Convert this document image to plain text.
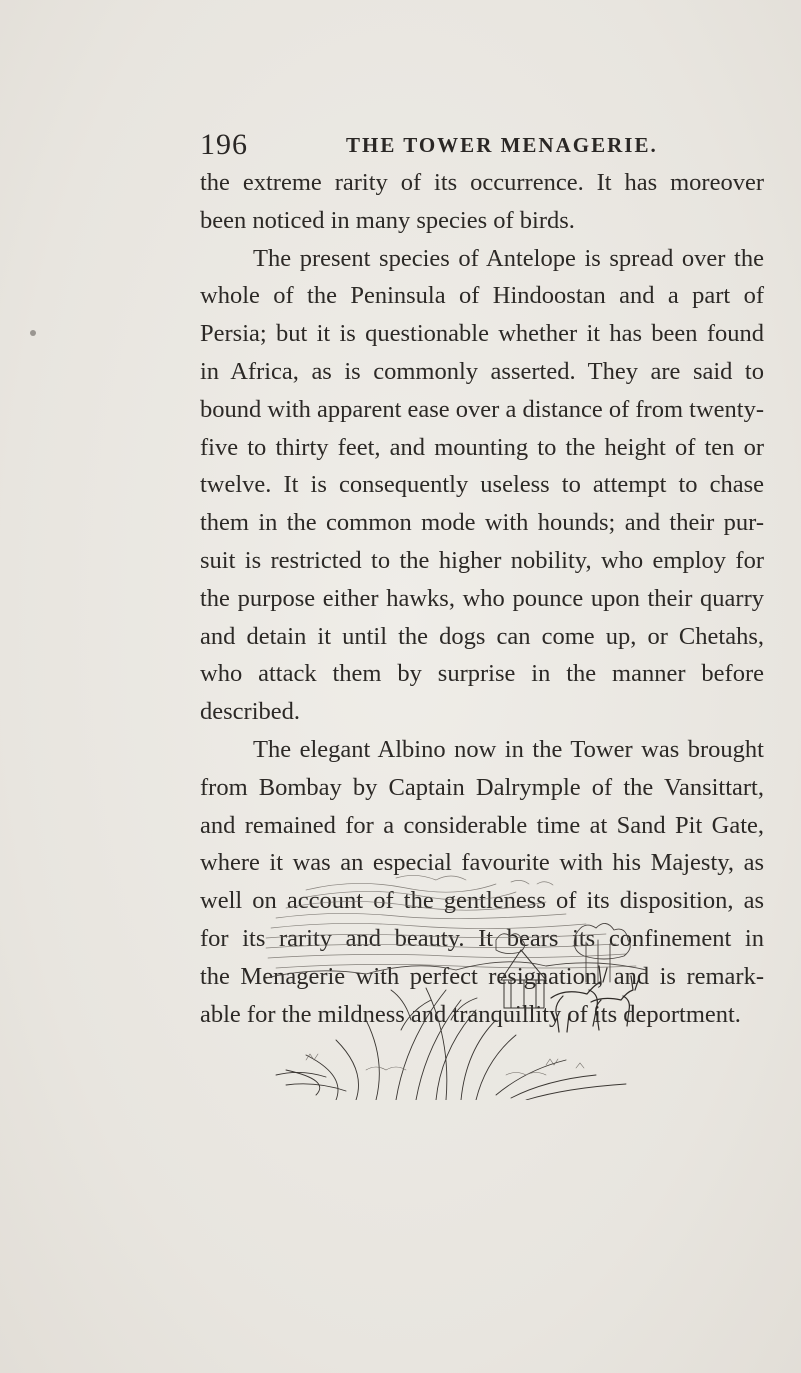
196	THE TOWER MENAGERIE.
the extreme rarity of its occurrence. It has moreover
been noticed in many species of birds.
The present species of Antelope is spread over the
whole of the Peninsula of Hindoostan and a part of
Persia; but it is questionable whether it has been found
in Africa, as is commonly asserted. They are said to
bound with apparent ease over a distance of from twenty-
five to thirty feet, and mounting to the height of ten or
twelve. It is consequently useless to attempt to chase
them in the common mode with hounds; and their pur-
suit is restricted to the higher nobility, who employ for
the purpose either hawks, who pounce upon their quarry
and detain it until the dogs can come up, or Chetahs,
who attack them by surprise in the manner before
described.
The elegant Albino now in the Tower was brought
from Bombay by Captain Dalrymple of the Vansittart,
and remained for a considerable time at Sand Pit Gate,
where it was an especial favourite with his Majesty, as
well on account of the gentleness of its disposition, as
for its rarity and beauty. It bears its confinement in
the Menagerie with perfect resignation, and is remark-
able for the mildness and tranquillity of its deportment.
